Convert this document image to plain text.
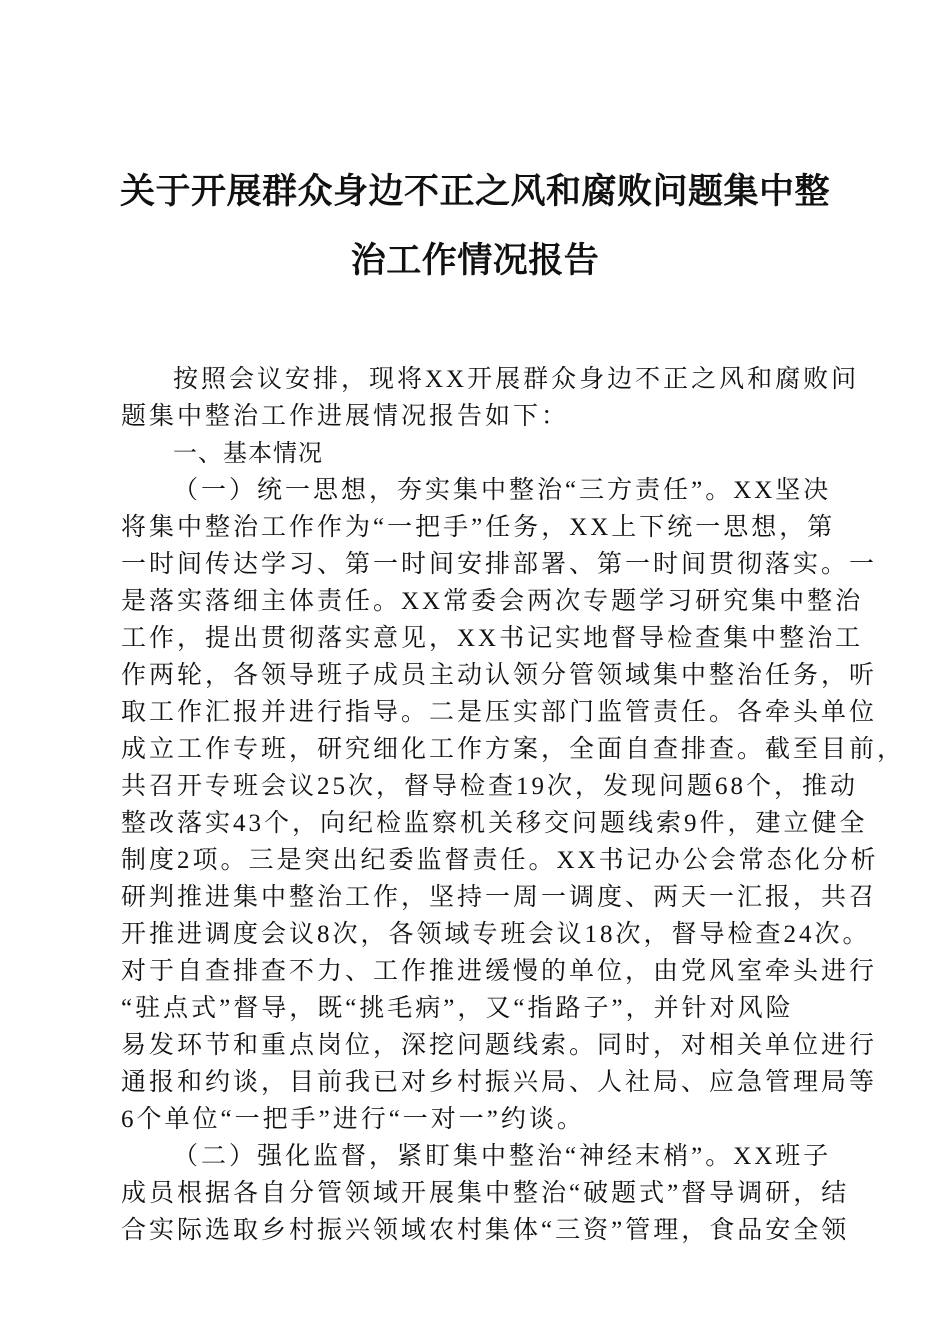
关于开展群众身边不正之风和腐败问题集中整
治工作情况报告
按照会议安排，现将XX开展群众身边不正之风和腐败问
题集中整治工作进展情况报告如下：
一、基本情况
（一）统一思想，夯实集中整治“三方责任”。XX坚决
将集中整治工作作为“一把手”任务，XX上下统一思想，第
一时间传达学习、第一时间安排部署、第一时间贯彻落实。一
是落实落细主体责任。XX常委会两次专题学习研究集中整治
工作，提出贯彻落实意见，XX书记实地督导检查集中整治工
作两轮，各领导班子成员主动认领分管领域集中整治任务，听
取工作汇报并进行指导。二是压实部门监管责任。各牵头单位
成立工作专班，研究细化工作方案，全面自查排查。截至目前，
共召开专班会议25次，督导检查19次，发现问题68个，推动
整改落实43个，向纪检监察机关移交问题线索9件，建立健全
制度2项。三是突出纪委监督责任。XX书记办公会常态化分析
研判推进集中整治工作，坚持一周一调度、两天一汇报，共召
开推进调度会议8次，各领域专班会议18次，督导检查24次。
对于自查排查不力、工作推进缓慢的单位，由党风室牵头进行
“驻点式”督导，既“挑毛病”，又“指路子”，并针对风险
易发环节和重点岗位，深挖问题线索。同时，对相关单位进行
通报和约谈，目前我已对乡村振兴局、人社局、应急管理局等
6个单位“一把手”进行“一对一”约谈。
（二）强化监督，紧盯集中整治“神经末梢”。XX班子
成员根据各自分管领域开展集中整治“破题式”督导调研，结
合实际选取乡村振兴领域农村集体“三资”管理，食品安全领
